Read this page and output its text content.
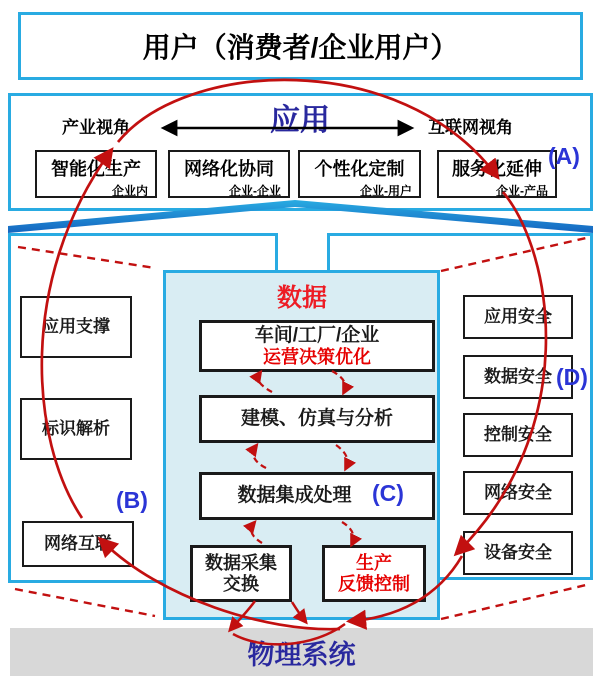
用户（消费者/企业用户）
应用
产业视角	互联网视角
智能化生产
企业内
网络化协同
企业-企业
个性化定制
企业-用户
服务化延伸
企业-产品
(A)
应用支撑
标识解析
网络互联
(B)
应用安全
数据安全
控制安全
网络安全
设备安全
(D)
数据
车间/工厂/企业
运营决策优化
建模、仿真与分析
数据集成处理 (C)
数据采集
交换
生产
反馈控制
物理系统
